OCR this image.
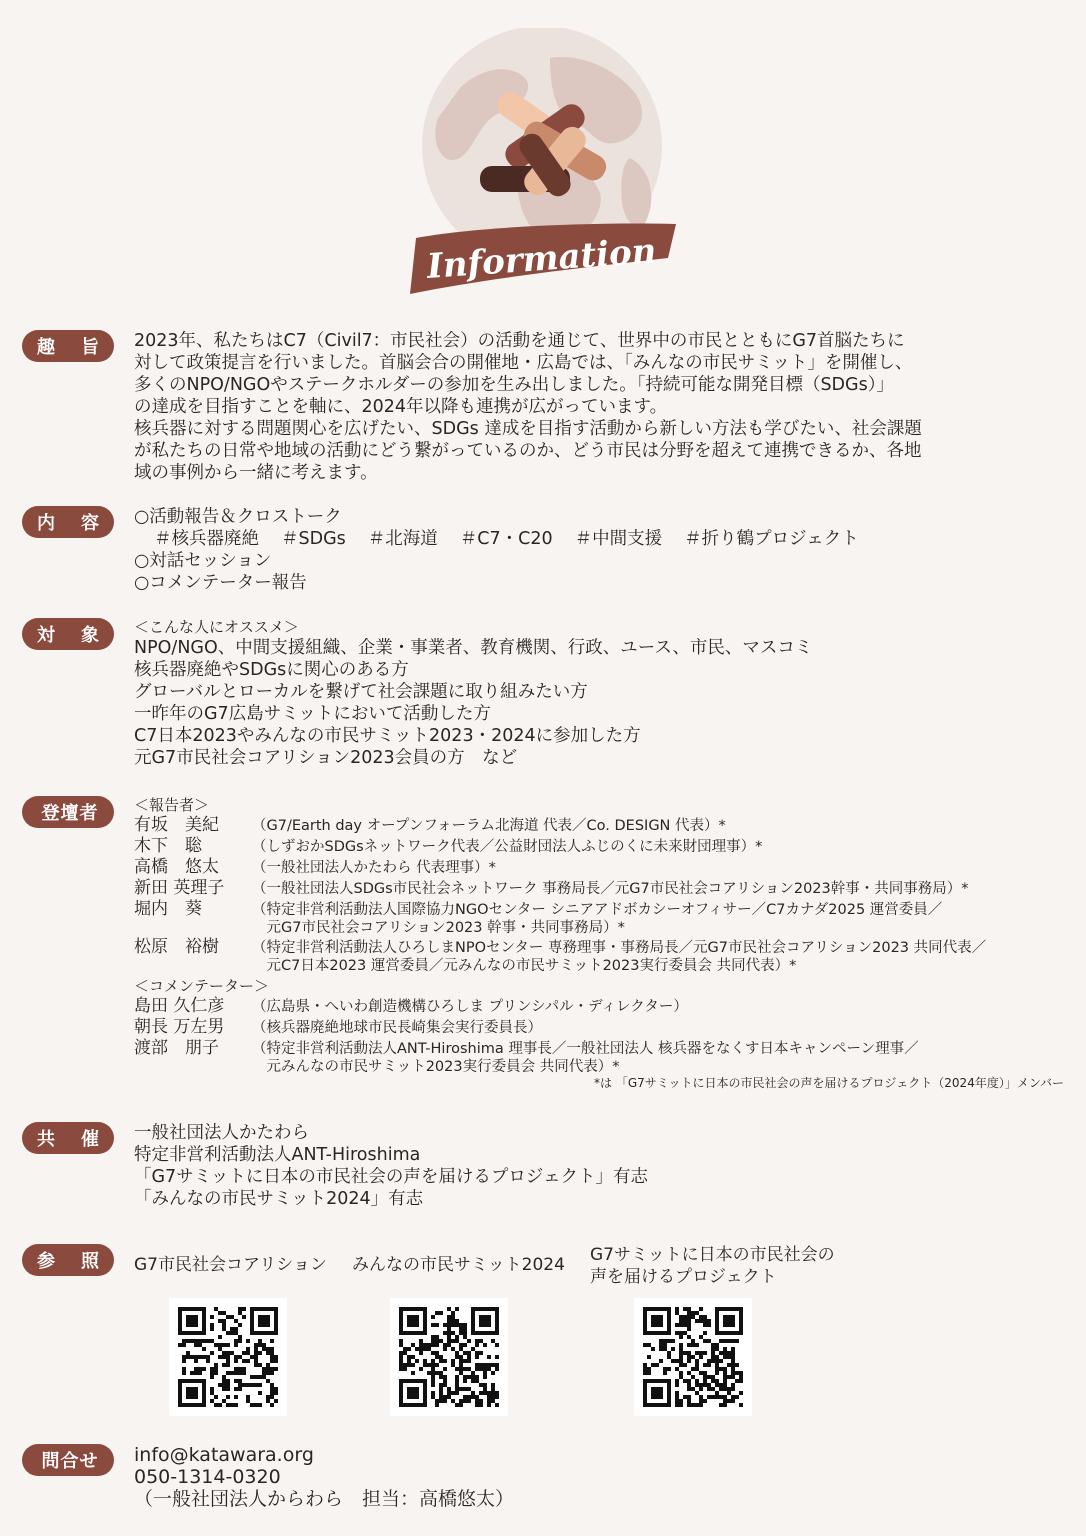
Information
趣　旨	2023年、私たちはC7（Civil7：市民社会）の活動を通じて、世界中の市民とともにG7首脳たちに

対して政策提言を行いました。首脳会合の開催地・広島では、「みんなの市民サミット」を開催し、

多くのNPO/NGOやステークホルダーの参加を生み出しました。「持続可能な開発目標（SDGs）」

の達成を目指すことを軸に、2024年以降も連携が広がっています。

核兵器に対する問題関心を広げたい、SDGs 達成を目指す活動から新しい方法も学びたい、社会課題

が私たちの日常や地域の活動にどう繋がっているのか、どう市民は分野を超えて連携できるか、各地

域の事例から一緒に考えます。

内　容	○活動報告＆クロストーク

＃核兵器廃絶 ＃SDGs ＃北海道 ＃C7・C20 ＃中間支援 ＃折り鶴プロジェクト

○対話セッション

○コメンテーター報告

対　象	＜こんな人にオススメ＞

NPO/NGO、中間支援組織、企業・事業者、教育機関、行政、ユース、市民、マスコミ

核兵器廃絶やSDGsに関心のある方

グローバルとローカルを繋げて社会課題に取り組みたい方

一昨年のG7広島サミットにおいて活動した方

C7日本2023やみんなの市民サミット2023・2024に参加した方

元G7市民社会コアリション2023会員の方　など

登壇者	＜報告者＞

有坂　美紀	（G7/Earth day オープンフォーラム北海道 代表／Co. DESIGN 代表）*
木下　聡	（しずおかSDGsネットワーク代表／公益財団法人ふじのくに未来財団理事）*
高橋　悠太	（一般社団法人かたわら 代表理事）*
新田 英理子	（一般社団法人SDGs市民社会ネットワーク 事務局長／元G7市民社会コアリション2023幹事・共同事務局）*
堀内　葵	（特定非営利活動法人国際協力NGOセンター シニアアドボカシーオフィサー／C7カナダ2025 運営委員／
　元G7市民社会コアリション2023 幹事・共同事務局）*
松原　裕樹	（特定非営利活動法人ひろしまNPOセンター 専務理事・事務局長／元G7市民社会コアリション2023 共同代表／
　元C7日本2023 運営委員／元みんなの市民サミット2023実行委員会 共同代表）*

＜コメンテーター＞

島田 久仁彦	（広島県・へいわ創造機構ひろしま プリンシパル・ディレクター）
朝長 万左男	（核兵器廃絶地球市民長崎集会実行委員長）
渡部　朋子	（特定非営利活動法人ANT-Hiroshima 理事長／一般社団法人 核兵器をなくす日本キャンペーン理事／
　元みんなの市民サミット2023実行委員会 共同代表）*

*は 「G7サミットに日本の市民社会の声を届けるプロジェクト（2024年度）」メンバー

共　催	一般社団法人かたわら

特定非営利活動法人ANT-Hiroshima

「G7サミットに日本の市民社会の声を届けるプロジェクト」有志

「みんなの市民サミット2024」有志

参　照	G7市民社会コアリション みんなの市民サミット2024 G7サミットに日本の市民社会の

声を届けるプロジェクト

問合せ	info@katawara.org

050-1314-0320

（一般社団法人からわら　担当：高橋悠太）
